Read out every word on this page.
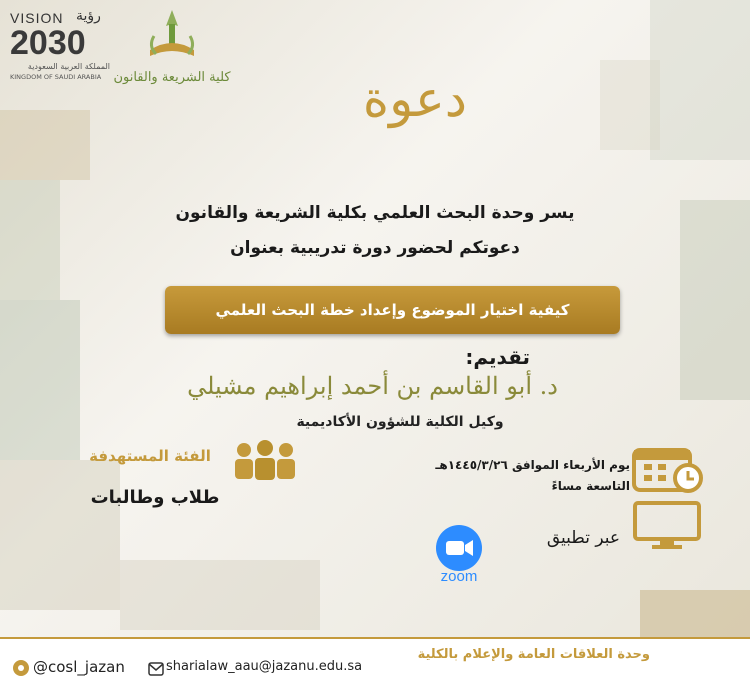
VISION رؤية
2030
المملكة العربية السعودية
KINGDOM OF SAUDI ARABIA كلية الشريعة والقانون	دعوة
يسر وحدة البحث العلمي بكلية الشريعة والقانون
دعوتكم لحضور دورة تدريبية بعنوان
كيفية اختيار الموضوع وإعداد خطة البحث العلمي
تقديم:
د. أبو القاسم بن أحمد إبراهيم مشيلي
وكيل الكلية للشؤون الأكاديمية
الفئة المستهدفة
طلاب وطالبات
يوم الأربعاء الموافق ١٤٤٥/٣/٢٦هـ
التاسعة مساءً
عبر تطبيق
zoom
وحدة العلاقات العامة والإعلام بالكلية
sharialaw_aau@jazanu.edu.sa
@cosl_jazan
